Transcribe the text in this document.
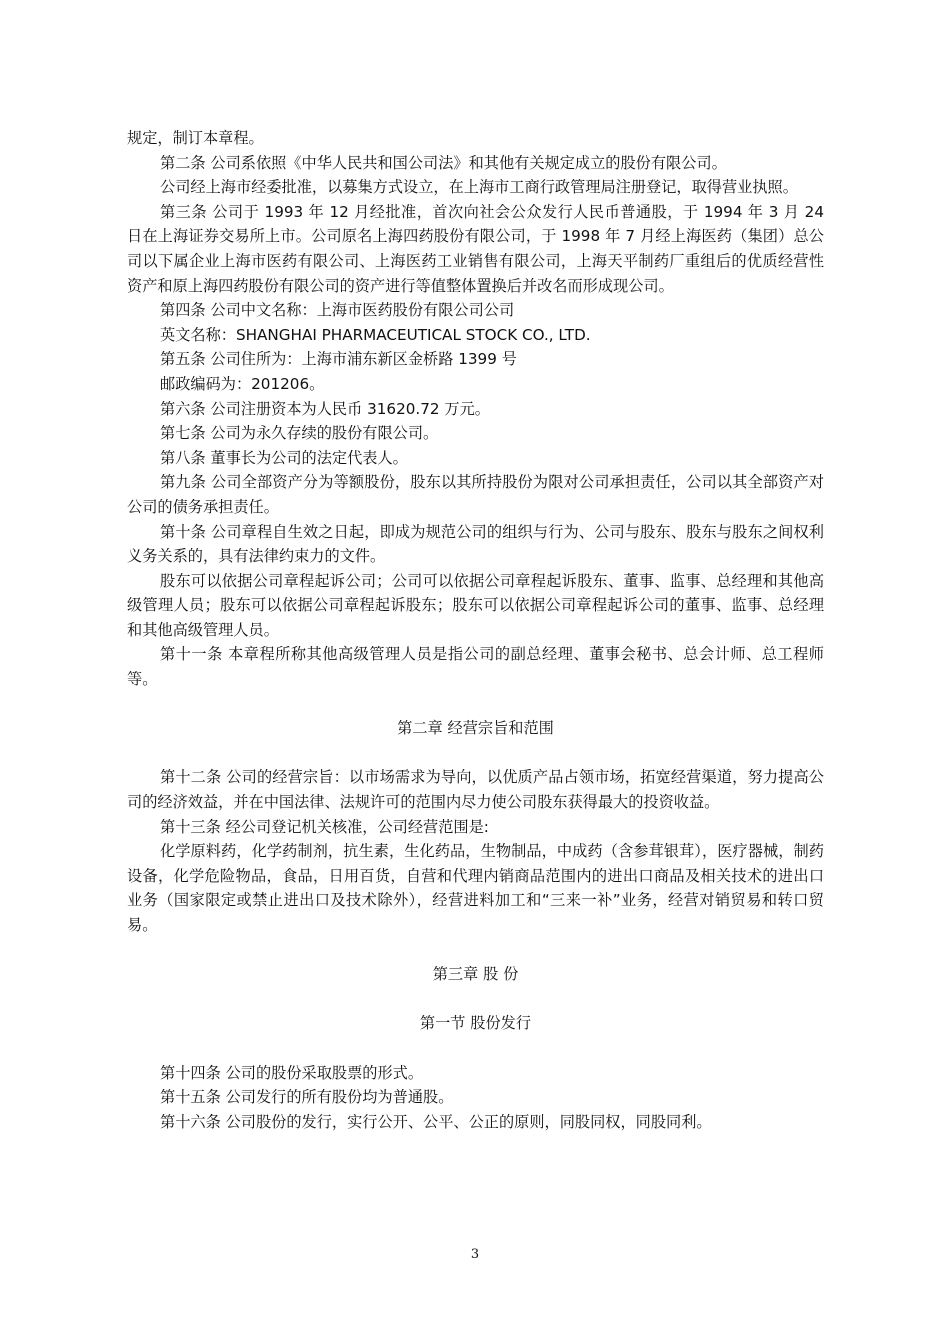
规定，制订本章程。

第二条 公司系依照《中华人民共和国公司法》和其他有关规定成立的股份有限公司。

公司经上海市经委批准，以募集方式设立，在上海市工商行政管理局注册登记，取得营业执照。

第三条 公司于 1993 年 12 月经批准，首次向社会公众发行人民币普通股，于 1994 年 3 月 24 日在上海证券交易所上市。公司原名上海四药股份有限公司，于 1998 年 7 月经上海医药（集团）总公司以下属企业上海市医药有限公司、上海医药工业销售有限公司，上海天平制药厂重组后的优质经营性资产和原上海四药股份有限公司的资产进行等值整体置换后并改名而形成现公司。

第四条 公司中文名称：上海市医药股份有限公司公司

英文名称：SHANGHAI PHARMACEUTICAL STOCK CO., LTD.

第五条 公司住所为：上海市浦东新区金桥路 1399 号

邮政编码为：201206。

第六条 公司注册资本为人民币 31620.72 万元。

第七条 公司为永久存续的股份有限公司。

第八条 董事长为公司的法定代表人。

第九条 公司全部资产分为等额股份，股东以其所持股份为限对公司承担责任，公司以其全部资产对公司的债务承担责任。

第十条 公司章程自生效之日起，即成为规范公司的组织与行为、公司与股东、股东与股东之间权利义务关系的，具有法律约束力的文件。

股东可以依据公司章程起诉公司；公司可以依据公司章程起诉股东、董事、监事、总经理和其他高级管理人员；股东可以依据公司章程起诉股东；股东可以依据公司章程起诉公司的董事、监事、总经理和其他高级管理人员。

第十一条 本章程所称其他高级管理人员是指公司的副总经理、董事会秘书、总会计师、总工程师等。

第二章 经营宗旨和范围

第十二条 公司的经营宗旨：以市场需求为导向，以优质产品占领市场，拓宽经营渠道，努力提高公司的经济效益，并在中国法律、法规许可的范围内尽力使公司股东获得最大的投资收益。

第十三条 经公司登记机关核准，公司经营范围是:

化学原料药，化学药制剂，抗生素，生化药品，生物制品，中成药（含参茸银茸），医疗器械，制药设备，化学危险物品，食品，日用百货，自营和代理内销商品范围内的进出口商品及相关技术的进出口业务（国家限定或禁止进出口及技术除外），经营进料加工和“三来一补”业务，经营对销贸易和转口贸易。

第三章 股 份

第一节 股份发行

第十四条 公司的股份采取股票的形式。

第十五条 公司发行的所有股份均为普通股。

第十六条 公司股份的发行，实行公开、公平、公正的原则，同股同权，同股同利。

3
